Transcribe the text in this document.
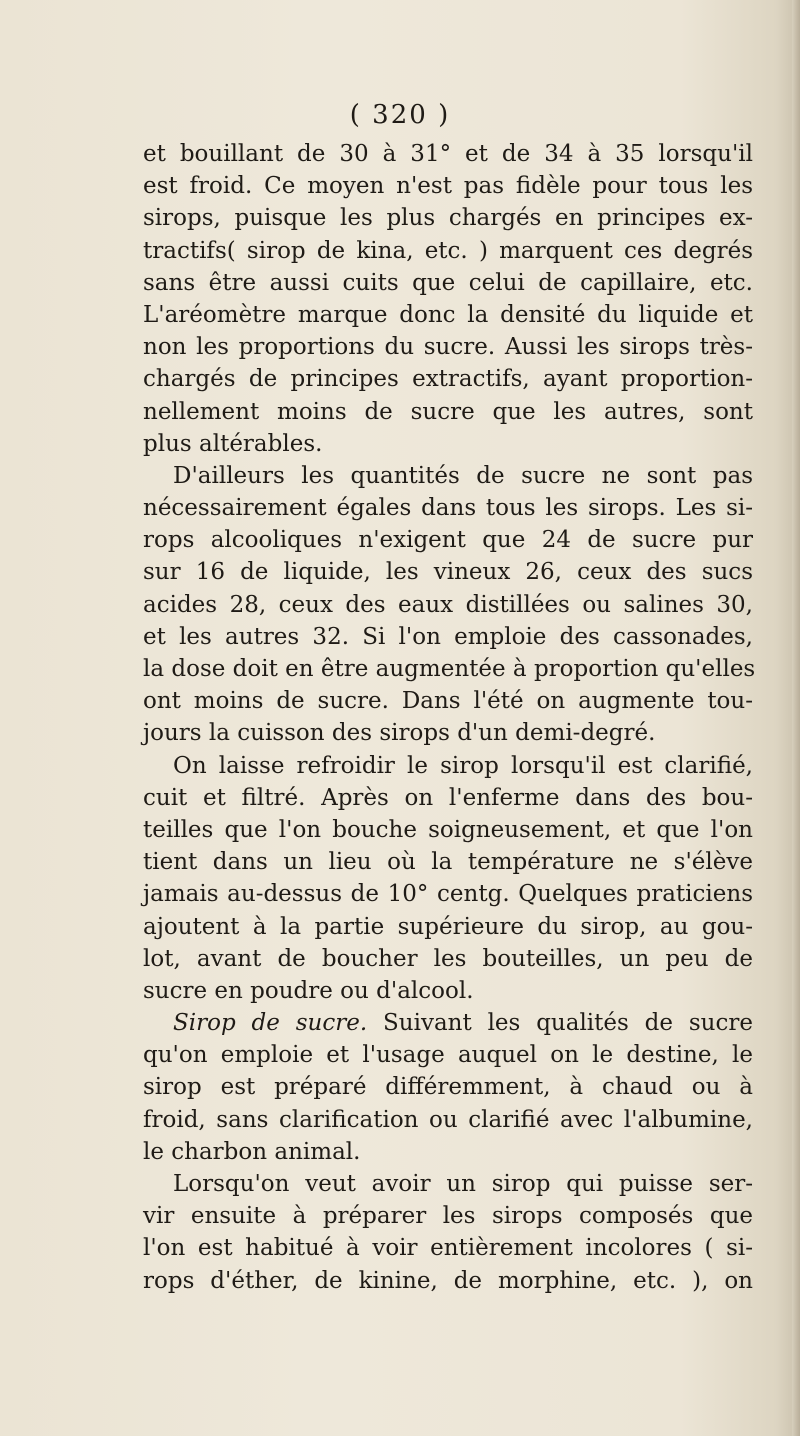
( 320 )
et bouillant de 30 à 31° et de 34 à 35 lorsqu'il
est froid. Ce moyen n'est pas fidèle pour tous les
sirops, puisque les plus chargés en principes ex-
tractifs( sirop de kina, etc. ) marquent ces degrés
sans être aussi cuits que celui de capillaire, etc.
L'aréomètre marque donc la densité du liquide et
non les proportions du sucre. Aussi les sirops très-
chargés de principes extractifs, ayant proportion-
nellement moins de sucre que les autres, sont
plus altérables.
D'ailleurs les quantités de sucre ne sont pas
nécessairement égales dans tous les sirops. Les si-
rops alcooliques n'exigent que 24 de sucre pur
sur 16 de liquide, les vineux 26, ceux des sucs
acides 28, ceux des eaux distillées ou salines 30,
et les autres 32. Si l'on emploie des cassonades,
la dose doit en être augmentée à proportion qu'elles
ont moins de sucre. Dans l'été on augmente tou-
jours la cuisson des sirops d'un demi-degré.
On laisse refroidir le sirop lorsqu'il est clarifié,
cuit et filtré. Après on l'enferme dans des bou-
teilles que l'on bouche soigneusement, et que l'on
tient dans un lieu où la température ne s'élève
jamais au-dessus de 10° centg. Quelques praticiens
ajoutent à la partie supérieure du sirop, au gou-
lot, avant de boucher les bouteilles, un peu de
sucre en poudre ou d'alcool.
Sirop de sucre. Suivant les qualités de sucre
qu'on emploie et l'usage auquel on le destine, le
sirop est préparé différemment, à chaud ou à
froid, sans clarification ou clarifié avec l'albumine,
le charbon animal.
Lorsqu'on veut avoir un sirop qui puisse ser-
vir ensuite à préparer les sirops composés que
l'on est habitué à voir entièrement incolores ( si-
rops d'éther, de kinine, de morphine, etc. ), on
